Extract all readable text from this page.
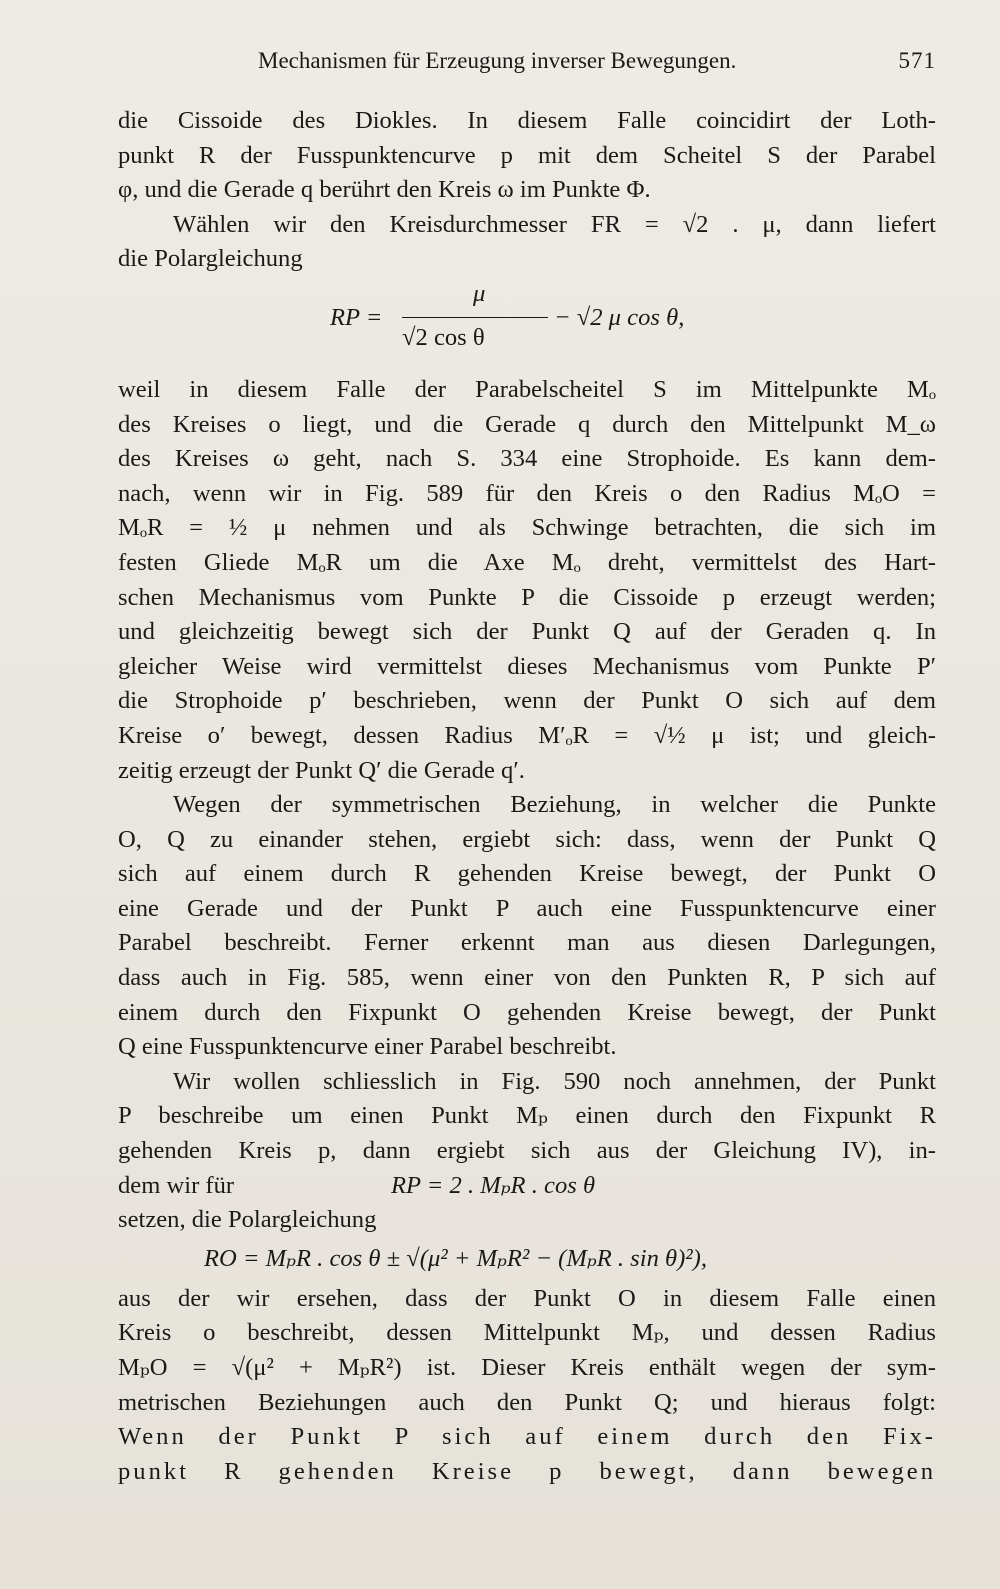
Mechanismen für Erzeugung inverser Bewegungen.	571

die Cissoide des Diokles. In diesem Falle coincidirt der Loth-

punkt R der Fusspunktencurve p mit dem Scheitel S der Parabel

φ, und die Gerade q berührt den Kreis ω im Punkte Φ.

Wählen wir den Kreisdurchmesser FR = √2 . μ, dann liefert

die Polargleichung

RP =
μ
√2 cos θ
− √2 μ cos θ,

weil in diesem Falle der Parabelscheitel S im Mittelpunkte Mₒ

des Kreises o liegt, und die Gerade q durch den Mittelpunkt M_ω

des Kreises ω geht, nach S. 334 eine Strophoide. Es kann dem-

nach, wenn wir in Fig. 589 für den Kreis o den Radius MₒO =

MₒR = ½ μ nehmen und als Schwinge betrachten, die sich im

festen Gliede MₒR um die Axe Mₒ dreht, vermittelst des Hart-

schen Mechanismus vom Punkte P die Cissoide p erzeugt werden;

und gleichzeitig bewegt sich der Punkt Q auf der Geraden q. In

gleicher Weise wird vermittelst dieses Mechanismus vom Punkte P′

die Strophoide p′ beschrieben, wenn der Punkt O sich auf dem

Kreise o′ bewegt, dessen Radius M′ₒR = √½ μ ist; und gleich-

zeitig erzeugt der Punkt Q′ die Gerade q′.

Wegen der symmetrischen Beziehung, in welcher die Punkte

O, Q zu einander stehen, ergiebt sich: dass, wenn der Punkt Q

sich auf einem durch R gehenden Kreise bewegt, der Punkt O

eine Gerade und der Punkt P auch eine Fusspunktencurve einer

Parabel beschreibt. Ferner erkennt man aus diesen Darlegungen,

dass auch in Fig. 585, wenn einer von den Punkten R, P sich auf

einem durch den Fixpunkt O gehenden Kreise bewegt, der Punkt

Q eine Fusspunktencurve einer Parabel beschreibt.

Wir wollen schliesslich in Fig. 590 noch annehmen, der Punkt

P beschreibe um einen Punkt Mₚ einen durch den Fixpunkt R

gehenden Kreis p, dann ergiebt sich aus der Gleichung IV), in-

dem wir für	RP = 2 . MₚR . cos θ

setzen, die Polargleichung

RO = MₚR . cos θ ± √(μ² + MₚR² − (MₚR . sin θ)²),

aus der wir ersehen, dass der Punkt O in diesem Falle einen

Kreis o beschreibt, dessen Mittelpunkt Mₚ, und dessen Radius

MₚO = √(μ² + MₚR²) ist. Dieser Kreis enthält wegen der sym-

metrischen Beziehungen auch den Punkt Q; und hieraus folgt:

Wenn der Punkt P sich auf einem durch den Fix-

punkt R gehenden Kreise p bewegt, dann bewegen
